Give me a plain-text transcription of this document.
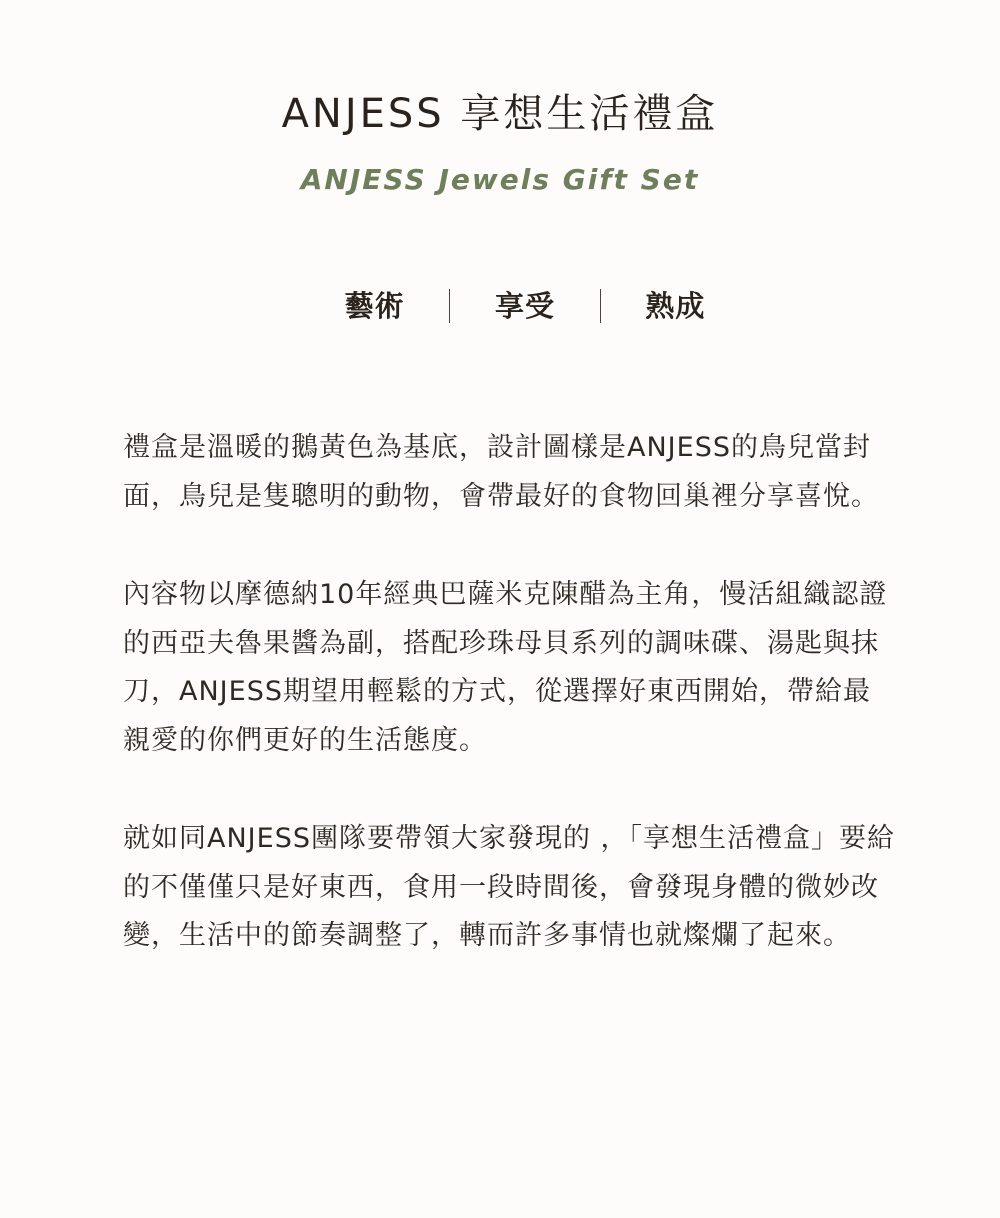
ANJESS 享想生活禮盒
ANJESS Jewels Gift Set
藝術	享受	熟成

禮盒是溫暖的鵝黃色為基底，設計圖樣是ANJESS的鳥兒當封面，鳥兒是隻聰明的動物，會帶最好的食物回巢裡分享喜悅。

內容物以摩德納10年經典巴薩米克陳醋為主角，慢活組織認證的西亞夫魯果醬為副，搭配珍珠母貝系列的調味碟、湯匙與抹刀，ANJESS期望用輕鬆的方式，從選擇好東西開始，帶給最親愛的你們更好的生活態度。

就如同ANJESS團隊要帶領大家發現的 ，「享想生活禮盒」要給的不僅僅只是好東西，食用一段時間後，會發現身體的微妙改變，生活中的節奏調整了，轉而許多事情也就燦爛了起來。
